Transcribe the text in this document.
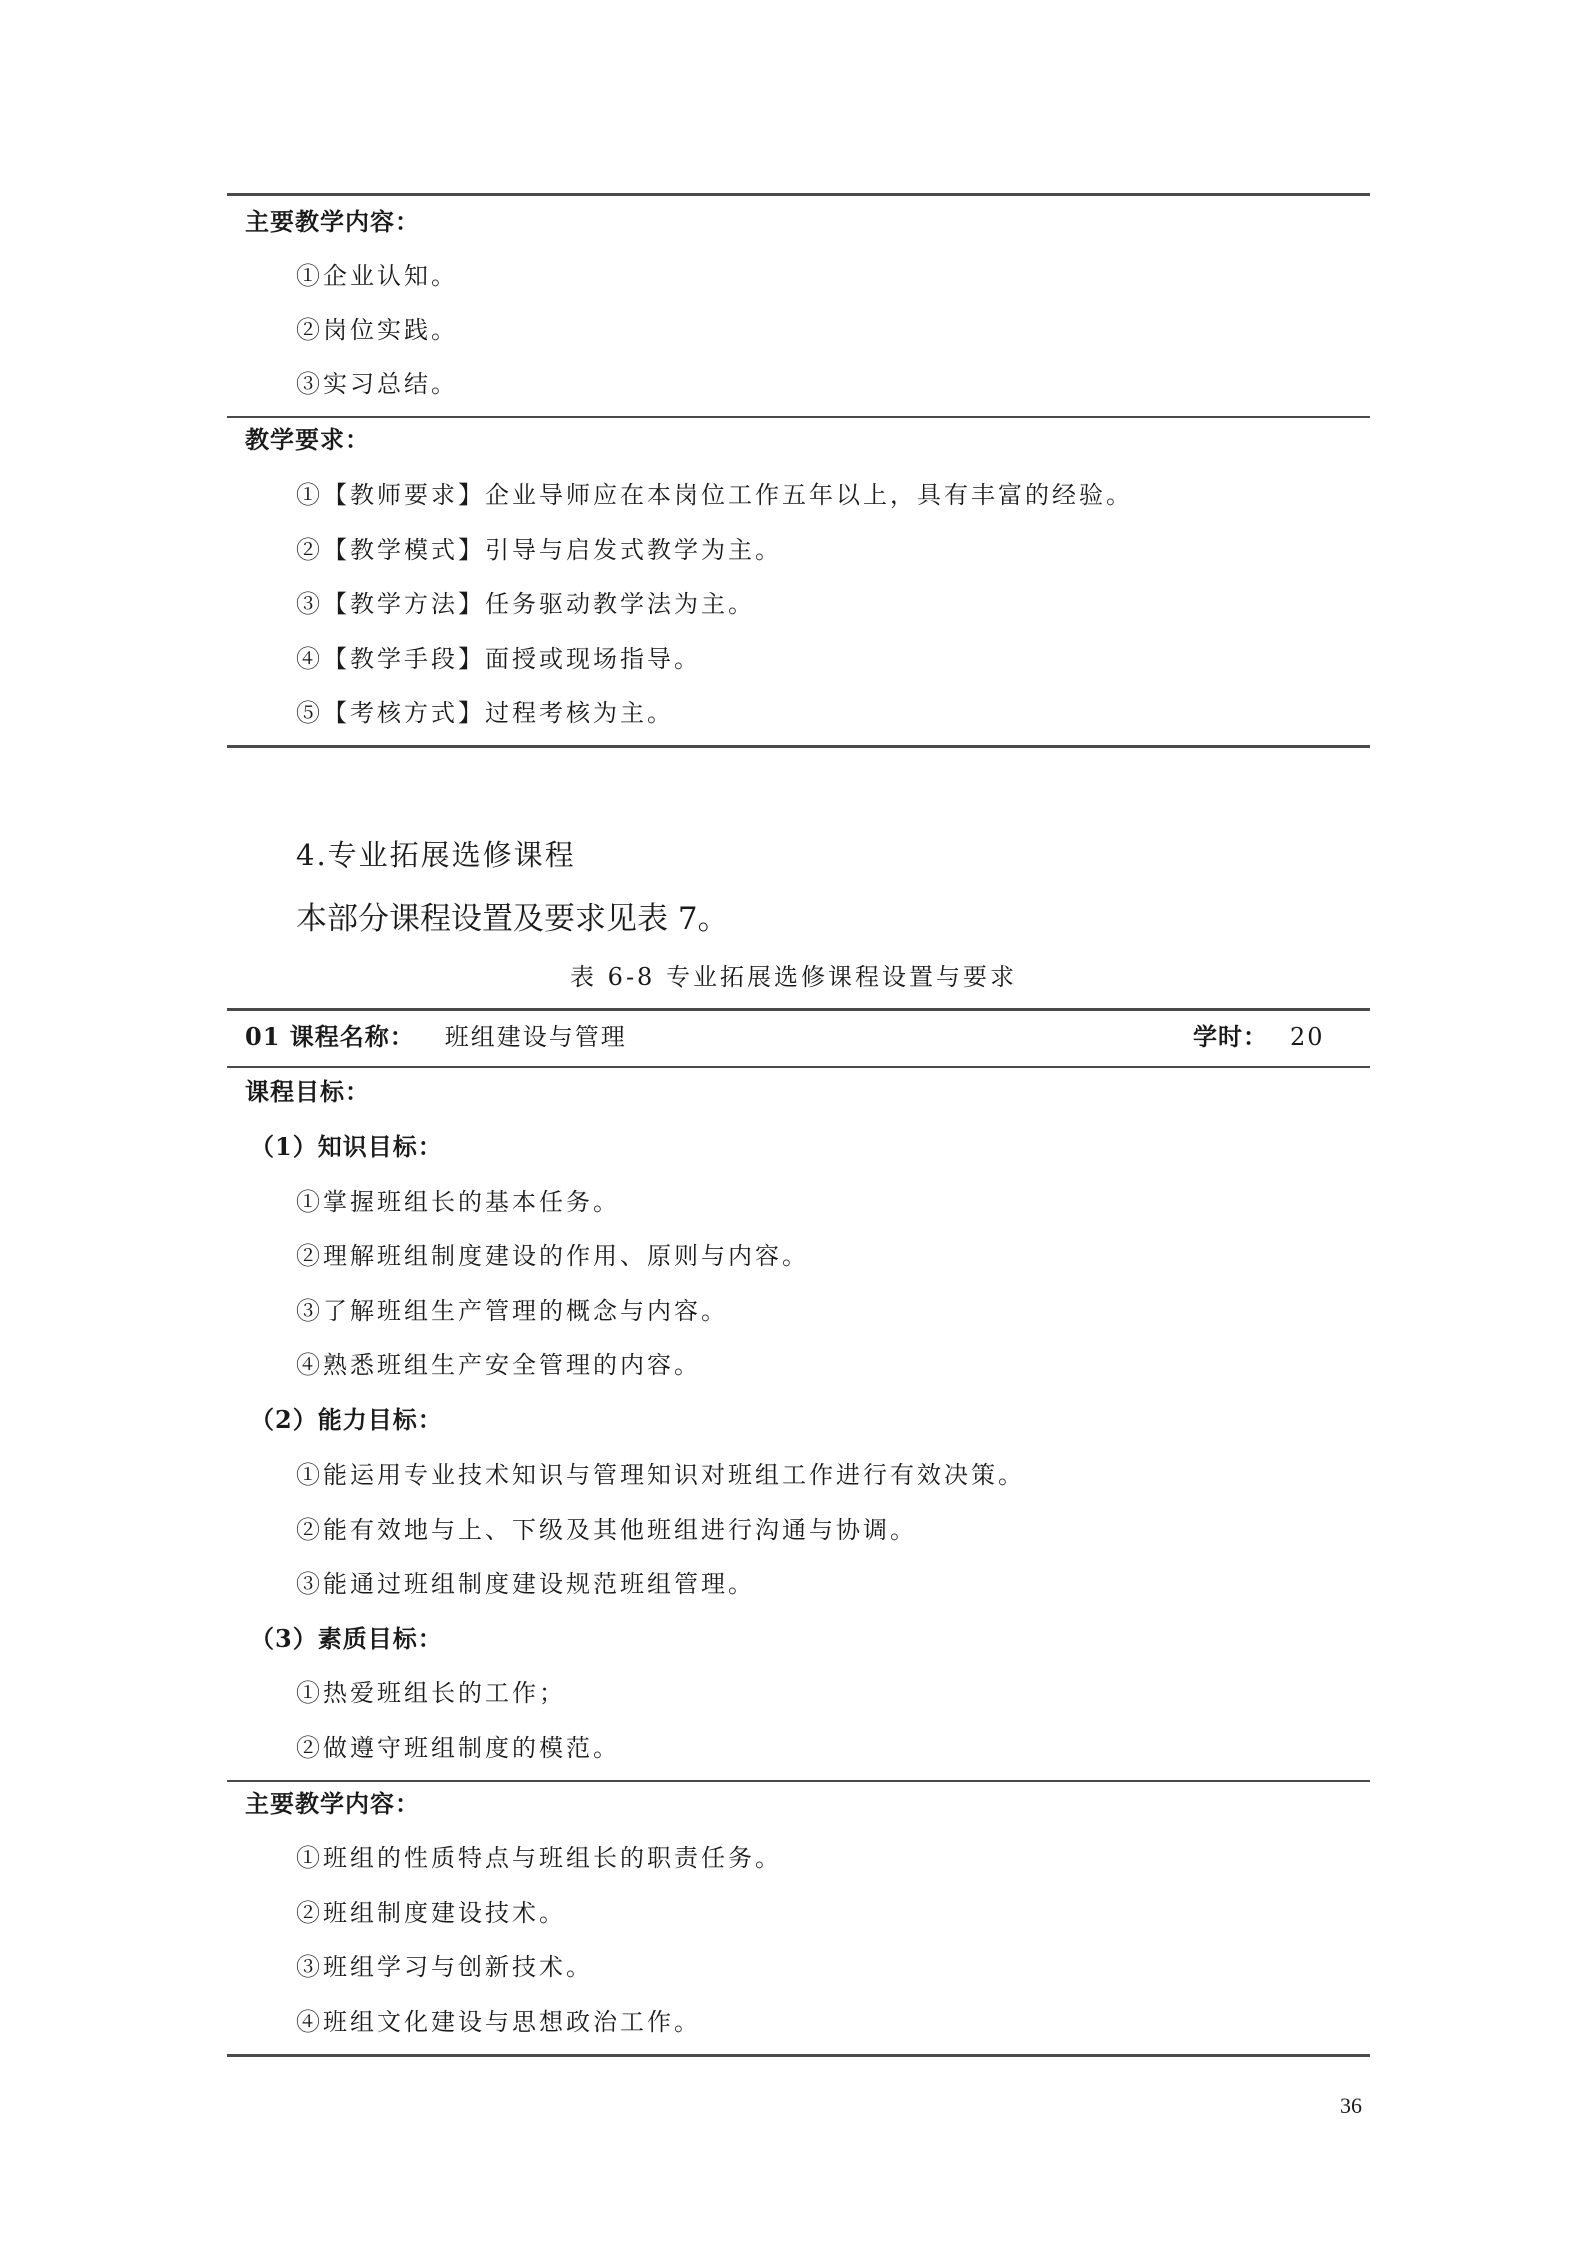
主要教学内容：
①企业认知。
②岗位实践。
③实习总结。
教学要求：
①【教师要求】企业导师应在本岗位工作五年以上，具有丰富的经验。
②【教学模式】引导与启发式教学为主。
③【教学方法】任务驱动教学法为主。
④【教学手段】面授或现场指导。
⑤【考核方式】过程考核为主。
4.专业拓展选修课程
本部分课程设置及要求见表 7。
表 6-8 专业拓展选修课程设置与要求
01 课程名称： 班组建设与管理	学时： 20
课程目标：
（1）知识目标：
①掌握班组长的基本任务。
②理解班组制度建设的作用、原则与内容。
③了解班组生产管理的概念与内容。
④熟悉班组生产安全管理的内容。
（2）能力目标：
①能运用专业技术知识与管理知识对班组工作进行有效决策。
②能有效地与上、下级及其他班组进行沟通与协调。
③能通过班组制度建设规范班组管理。
（3）素质目标：
①热爱班组长的工作；
②做遵守班组制度的模范。
主要教学内容：
①班组的性质特点与班组长的职责任务。
②班组制度建设技术。
③班组学习与创新技术。
④班组文化建设与思想政治工作。
36
